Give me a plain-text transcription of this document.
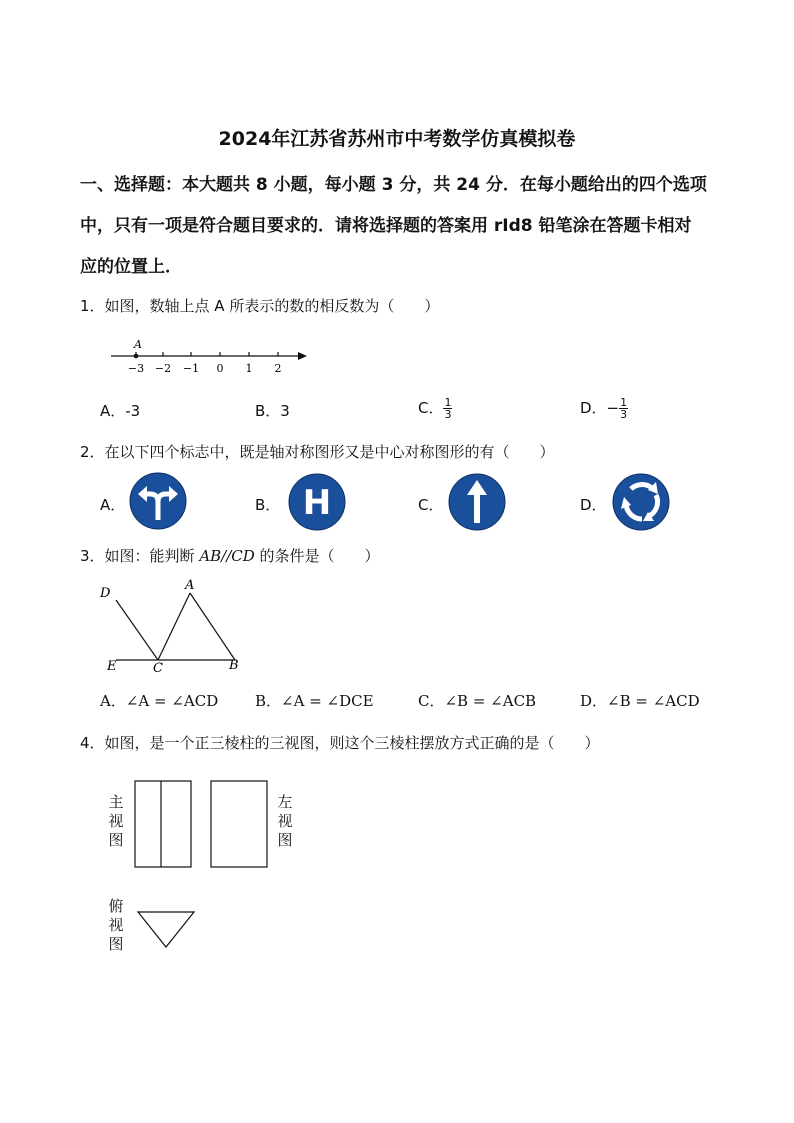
2024年江苏省苏州市中考数学仿真模拟卷
一、选择题：本大题共 8 小题，每小题 3 分，共 24 分．在每小题给出的四个选项
中，只有一项是符合题目要求的．请将选择题的答案用 rId8 铅笔涂在答题卡相对
应的位置上．
1．如图，数轴上点 A 所表示的数的相反数为（　　）
A
−3 −2 −1 0 1 2
A．-3	B．3	C． $\frac{1}{3}$	D．− $\frac{1}{3}$
2．在以下四个标志中，既是轴对称图形又是中心对称图形的有（　　）
A．	B． H	C．	D．
3．如图：能判断 AB//CD 的条件是（　　）
D
A
E	C	B
A．∠A = ∠ACD B．∠A = ∠DCE	C．∠B = ∠ACB	D．∠B = ∠ACD
4．如图，是一个正三棱柱的三视图，则这个三棱柱摆放方式正确的是（　　）
主视图
左视图
俯视图
